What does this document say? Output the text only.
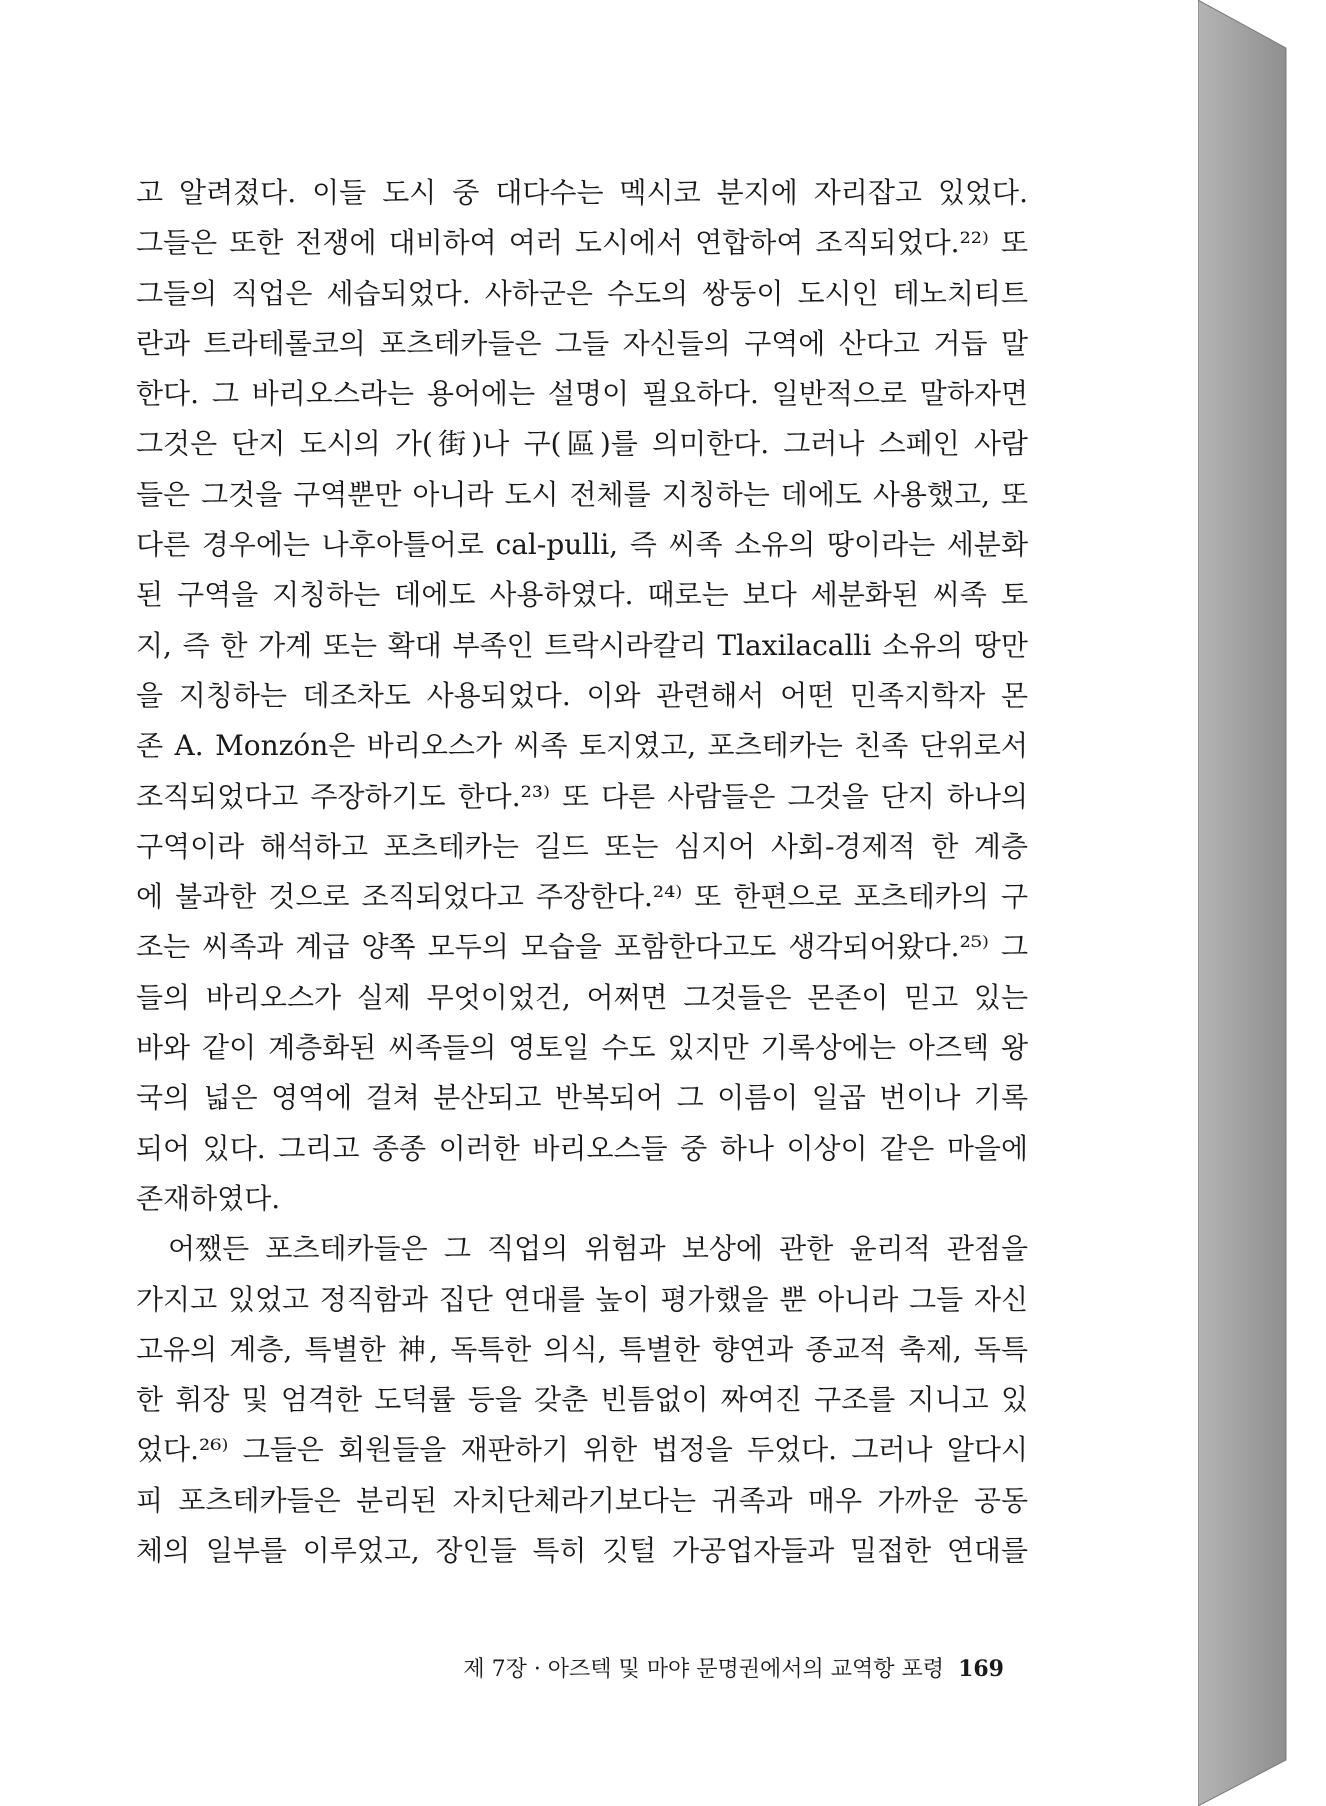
고 알려졌다. 이들 도시 중 대다수는 멕시코 분지에 자리잡고 있었다.
그들은 또한 전쟁에 대비하여 여러 도시에서 연합하여 조직되었다.²²⁾ 또
그들의 직업은 세습되었다. 사하군은 수도의 쌍둥이 도시인 테노치티트
란과 트라테롤코의 포츠테카들은 그들 자신들의 구역에 산다고 거듭 말
한다. 그 바리오스라는 용어에는 설명이 필요하다. 일반적으로 말하자면
그것은 단지 도시의 가(街)나 구(區)를 의미한다. 그러나 스페인 사람
들은 그것을 구역뿐만 아니라 도시 전체를 지칭하는 데에도 사용했고, 또
다른 경우에는 나후아틀어로 cal-pulli, 즉 씨족 소유의 땅이라는 세분화
된 구역을 지칭하는 데에도 사용하였다. 때로는 보다 세분화된 씨족 토
지, 즉 한 가계 또는 확대 부족인 트락시라칼리 Tlaxilacalli 소유의 땅만
을 지칭하는 데조차도 사용되었다. 이와 관련해서 어떤 민족지학자 몬
존 A. Monzón은 바리오스가 씨족 토지였고, 포츠테카는 친족 단위로서
조직되었다고 주장하기도 한다.²³⁾ 또 다른 사람들은 그것을 단지 하나의
구역이라 해석하고 포츠테카는 길드 또는 심지어 사회-경제적 한 계층
에 불과한 것으로 조직되었다고 주장한다.²⁴⁾ 또 한편으로 포츠테카의 구
조는 씨족과 계급 양쪽 모두의 모습을 포함한다고도 생각되어왔다.²⁵⁾ 그
들의 바리오스가 실제 무엇이었건, 어쩌면 그것들은 몬존이 믿고 있는
바와 같이 계층화된 씨족들의 영토일 수도 있지만 기록상에는 아즈텍 왕
국의 넓은 영역에 걸쳐 분산되고 반복되어 그 이름이 일곱 번이나 기록
되어 있다. 그리고 종종 이러한 바리오스들 중 하나 이상이 같은 마을에
존재하였다.
어쨌든 포츠테카들은 그 직업의 위험과 보상에 관한 윤리적 관점을
가지고 있었고 정직함과 집단 연대를 높이 평가했을 뿐 아니라 그들 자신
고유의 계층, 특별한 神, 독특한 의식, 특별한 향연과 종교적 축제, 독특
한 휘장 및 엄격한 도덕률 등을 갖춘 빈틈없이 짜여진 구조를 지니고 있
었다.²⁶⁾ 그들은 회원들을 재판하기 위한 법정을 두었다. 그러나 알다시
피 포츠테카들은 분리된 자치단체라기보다는 귀족과 매우 가까운 공동
체의 일부를 이루었고, 장인들 특히 깃털 가공업자들과 밀접한 연대를
제 7장 · 아즈텍 및 마야 문명권에서의 교역항 포령 169
